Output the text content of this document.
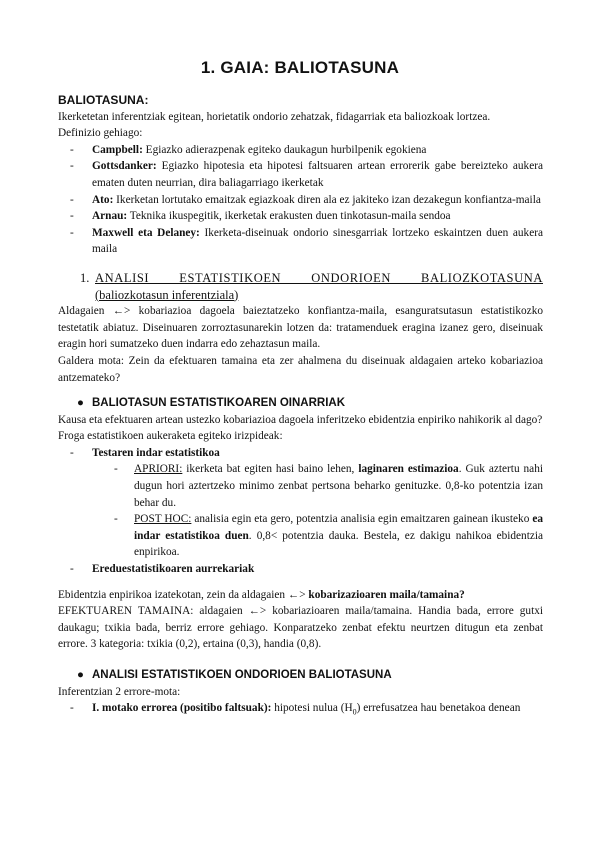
1. GAIA: BALIOTASUNA

BALIOTASUNA:

Ikerketetan inferentziak egitean, horietatik ondorio zehatzak, fidagarriak eta baliozkoak lortzea.

Definizio gehiago:

- Campbell: Egiazko adierazpenak egiteko daukagun hurbilpenik egokiena
- Gottsdanker: Egiazko hipotesia eta hipotesi faltsuaren artean errorerik gabe bereizteko aukera ematen duten neurrian, dira baliagarriago ikerketak
- Ato: Ikerketan lortutako emaitzak egiazkoak diren ala ez jakiteko izan dezakegun konfiantza-maila
- Arnau: Teknika ikuspegitik, ikerketak erakusten duen tinkotasun-maila sendoa
- Maxwell eta Delaney: Ikerketa-diseinuak ondorio sinesgarriak lortzeko eskaintzen duen aukera maila
1. ANALISI ESTATISTIKOEN ONDORIOEN BALIOZKOTASUNA
(baliozkotasun inferentziala)

Aldagaien ←> kobariazioa dagoela baieztatzeko konfiantza-maila, esanguratsutasun estatistikozko testetatik abiatuz. Diseinuaren zorroztasunarekin lotzen da: tratamenduek eragina izanez gero, diseinuak eragin hori sumatzeko duen indarra edo zehaztasun maila.

Galdera mota: Zein da efektuaren tamaina eta zer ahalmena du diseinuak aldagaien arteko kobariazioa antzemateko?

● BALIOTASUN ESTATISTIKOAREN OINARRIAK

Kausa eta efektuaren artean ustezko kobariazioa dagoela inferitzeko ebidentzia enpiriko nahikorik al dago?

Froga estatistikoen aukeraketa egiteko irizpideak:

- Testaren indar estatistikoa
- APRIORI: ikerketa bat egiten hasi baino lehen, laginaren estimazioa. Guk aztertu nahi dugun hori aztertzeko minimo zenbat pertsona beharko genituzke. 0,8-ko potentzia izan behar du.
- POST HOC: analisia egin eta gero, potentzia analisia egin emaitzaren gainean ikusteko ea indar estatistikoa duen. 0,8< potentzia dauka. Bestela, ez dakigu nahikoa ebidentzia enpirikoa.
- Ereduestatistikoaren aurrekariak

Ebidentzia enpirikoa izatekotan, zein da aldagaien ←> kobarizazioaren maila/tamaina?

EFEKTUAREN TAMAINA: aldagaien ←> kobariazioaren maila/tamaina. Handia bada, errore gutxi daukagu; txikia bada, berriz errore gehiago. Konparatzeko zenbat efektu neurtzen ditugun eta zenbat errore. 3 kategoria: txikia (0,2), ertaina (0,3), handia (0,8).

● ANALISI ESTATISTIKOEN ONDORIOEN BALIOTASUNA

Inferentzian 2 errore-mota:

- I. motako errorea (positibo faltsuak): hipotesi nulua $(H_0)$ errefusatzea hau benetakoa denean
